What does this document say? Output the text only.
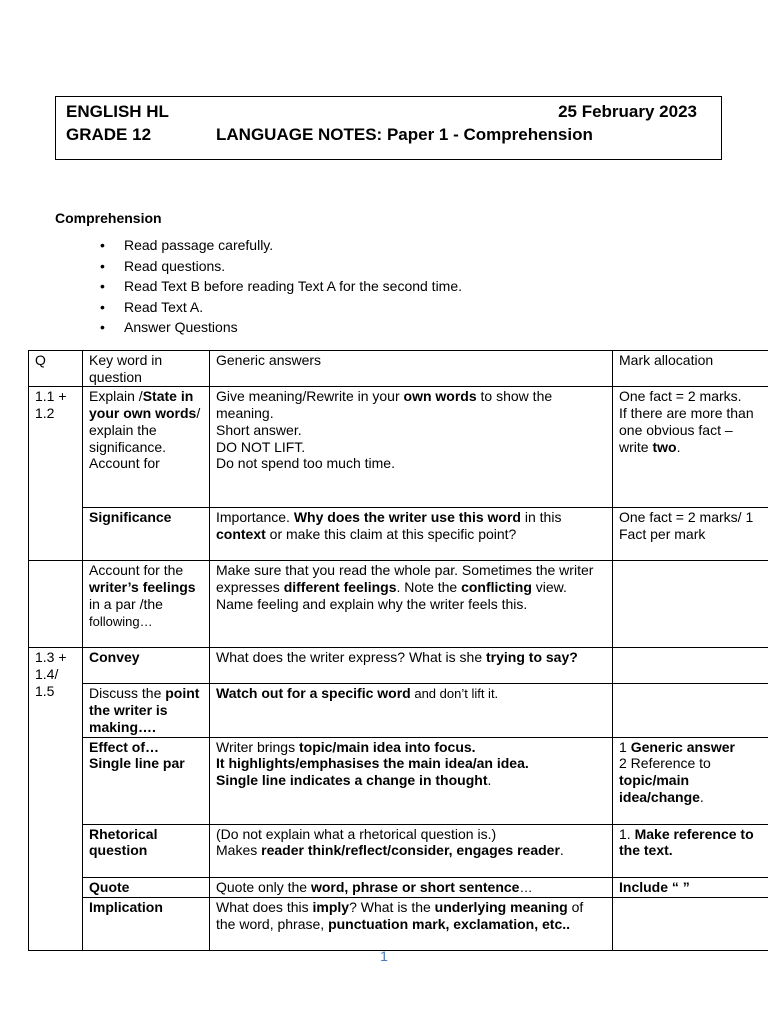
ENGLISH HL	25 February 2023
GRADE 12	LANGUAGE NOTES: Paper 1 - Comprehension
Comprehension
• Read passage carefully.
• Read questions.
• Read Text B before reading Text A for the second time.
• Read Text A.
• Answer Questions
Q	Key word in question	Generic answers	Mark allocation
1.1 + 1.2	Explain /State in your own words/ explain the significance. Account for	Give meaning/Rewrite in your own words to show the meaning.
Short answer.
DO NOT LIFT.
Do not spend too much time.	One fact = 2 marks.
If there are more than one obvious fact – write two.
	Significance	Importance. Why does the writer use this word in this context or make this claim at this specific point?	One fact = 2 marks/ 1 Fact per mark
	Account for the writer’s feelings in a par /the following…	Make sure that you read the whole par. Sometimes the writer expresses different feelings. Note the conflicting view.
Name feeling and explain why the writer feels this.	
1.3 + 1.4/ 1.5	Convey	What does the writer express? What is she trying to say?	
	Discuss the point the writer is making….	Watch out for a specific word and don’t lift it.	
	Effect of…
Single line par	Writer brings topic/main idea into focus.
It highlights/emphasises the main idea/an idea.
Single line indicates a change in thought.	1 Generic answer
2 Reference to topic/main idea/change.
	Rhetorical question	(Do not explain what a rhetorical question is.)
Makes reader think/reflect/consider, engages reader.	1. Make reference to the text.
	Quote	Quote only the word, phrase or short sentence…	Include “ ”
	Implication	What does this imply? What is the underlying meaning of the word, phrase, punctuation mark, exclamation, etc..	
1
